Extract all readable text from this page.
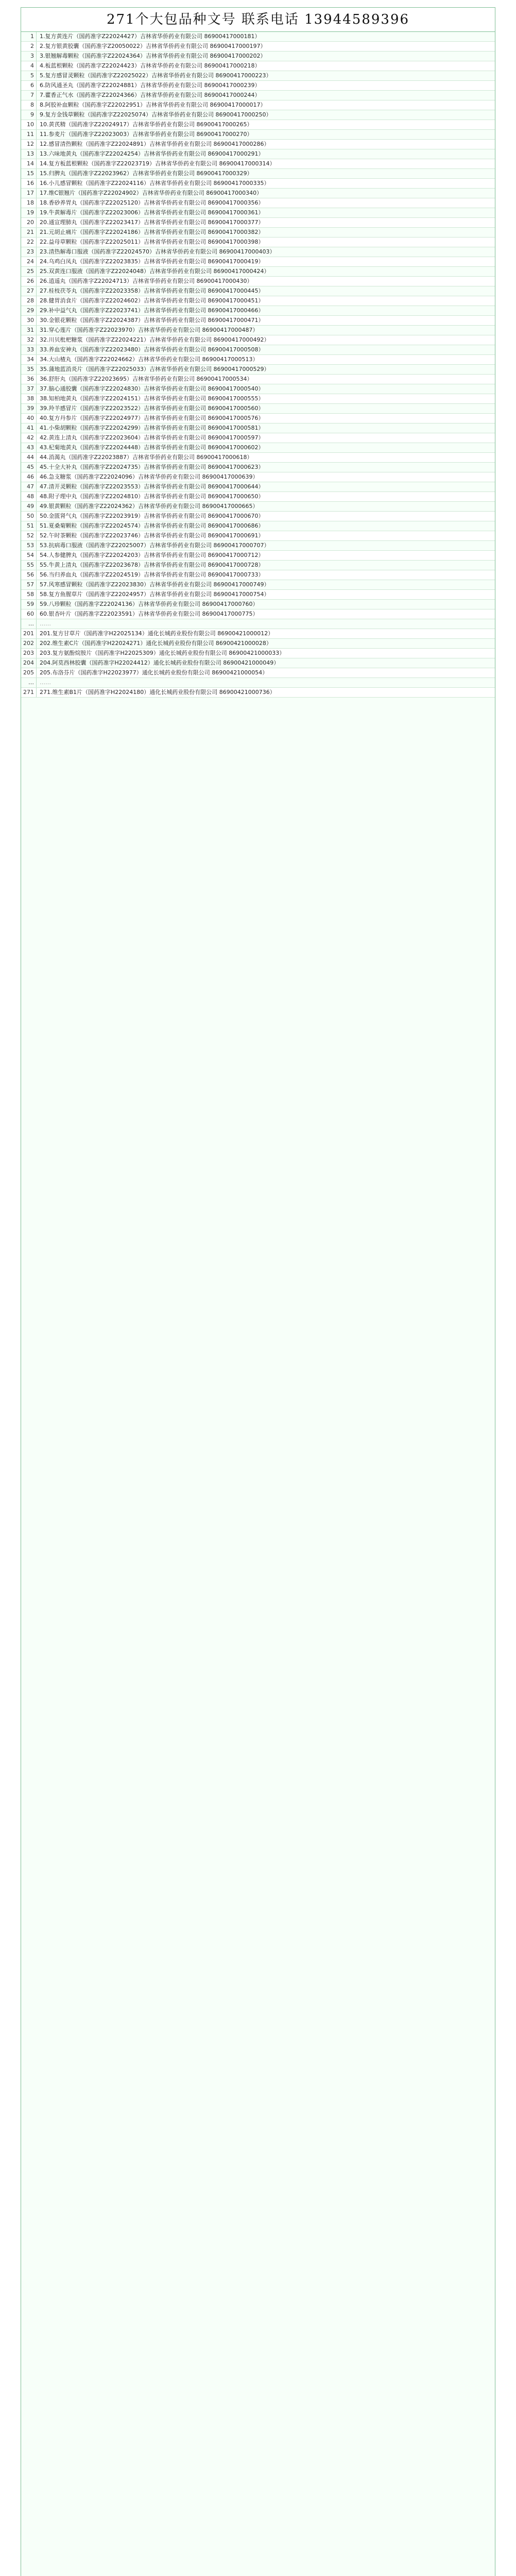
271个大包品种文号 联系电话 13944589396
1	1.复方黄连片（国药准字Z22024427）吉林省华侨药业有限公司 86900417000181）
2	2.复方银黄胶囊（国药准字Z20050022）吉林省华侨药业有限公司 86900417000197）
3	3.银翘解毒颗粒（国药准字Z22024364）吉林省华侨药业有限公司 86900417000202）
4	4.板蓝根颗粒（国药准字Z22024423）吉林省华侨药业有限公司 86900417000218）
5	5.复方感冒灵颗粒（国药准字Z22025022）吉林省华侨药业有限公司 86900417000223）
6	6.防风通圣丸（国药准字Z22024881）吉林省华侨药业有限公司 86900417000239）
7	7.藿香正气水（国药准字Z22024366）吉林省华侨药业有限公司 86900417000244）
8	8.阿胶补血颗粒（国药准字Z22022951）吉林省华侨药业有限公司 86900417000017）
9	9.复方金钱草颗粒（国药准字Z22025074）吉林省华侨药业有限公司 86900417000250）
10	10.黄芪精（国药准字Z22024917）吉林省华侨药业有限公司 86900417000265）
11	11.参麦片（国药准字Z22023003）吉林省华侨药业有限公司 86900417000270）
12	12.感冒清热颗粒（国药准字Z22024891）吉林省华侨药业有限公司 86900417000286）
13	13.六味地黄丸（国药准字Z22024254）吉林省华侨药业有限公司 86900417000291）
14	14.复方板蓝根颗粒（国药准字Z22023719）吉林省华侨药业有限公司 86900417000314）
15	15.归脾丸（国药准字Z22023962）吉林省华侨药业有限公司 86900417000329）
16	16.小儿感冒颗粒（国药准字Z22024116）吉林省华侨药业有限公司 86900417000335）
17	17.维C银翘片（国药准字Z22024902）吉林省华侨药业有限公司 86900417000340）
18	18.香砂养胃丸（国药准字Z22025120）吉林省华侨药业有限公司 86900417000356）
19	19.牛黄解毒片（国药准字Z22023006）吉林省华侨药业有限公司 86900417000361）
20	20.通宣理肺丸（国药准字Z22023417）吉林省华侨药业有限公司 86900417000377）
21	21.元胡止痛片（国药准字Z22024186）吉林省华侨药业有限公司 86900417000382）
22	22.益母草颗粒（国药准字Z22025011）吉林省华侨药业有限公司 86900417000398）
23	23.清热解毒口服液（国药准字Z22024570）吉林省华侨药业有限公司 86900417000403）
24	24.乌鸡白凤丸（国药准字Z22023835）吉林省华侨药业有限公司 86900417000419）
25	25.双黄连口服液（国药准字Z22024048）吉林省华侨药业有限公司 86900417000424）
26	26.逍遥丸（国药准字Z22024713）吉林省华侨药业有限公司 86900417000430）
27	27.桂枝茯苓丸（国药准字Z22023358）吉林省华侨药业有限公司 86900417000445）
28	28.健胃消食片（国药准字Z22024602）吉林省华侨药业有限公司 86900417000451）
29	29.补中益气丸（国药准字Z22023741）吉林省华侨药业有限公司 86900417000466）
30	30.金银花颗粒（国药准字Z22024387）吉林省华侨药业有限公司 86900417000471）
31	31.穿心莲片（国药准字Z22023970）吉林省华侨药业有限公司 86900417000487）
32	32.川贝枇杷糖浆（国药准字Z22024221）吉林省华侨药业有限公司 86900417000492）
33	33.养血安神丸（国药准字Z22023480）吉林省华侨药业有限公司 86900417000508）
34	34.大山楂丸（国药准字Z22024662）吉林省华侨药业有限公司 86900417000513）
35	35.蒲地蓝消炎片（国药准字Z22025033）吉林省华侨药业有限公司 86900417000529）
36	36.舒肝丸（国药准字Z22023695）吉林省华侨药业有限公司 86900417000534）
37	37.脑心通胶囊（国药准字Z22024830）吉林省华侨药业有限公司 86900417000540）
38	38.知柏地黄丸（国药准字Z22024151）吉林省华侨药业有限公司 86900417000555）
39	39.羚羊感冒片（国药准字Z22023522）吉林省华侨药业有限公司 86900417000560）
40	40.复方丹参片（国药准字Z22024977）吉林省华侨药业有限公司 86900417000576）
41	41.小柴胡颗粒（国药准字Z22024299）吉林省华侨药业有限公司 86900417000581）
42	42.黄连上清丸（国药准字Z22023604）吉林省华侨药业有限公司 86900417000597）
43	43.杞菊地黄丸（国药准字Z22024448）吉林省华侨药业有限公司 86900417000602）
44	44.消渴丸（国药准字Z22023887）吉林省华侨药业有限公司 86900417000618）
45	45.十全大补丸（国药准字Z22024735）吉林省华侨药业有限公司 86900417000623）
46	46.急支糖浆（国药准字Z22024096）吉林省华侨药业有限公司 86900417000639）
47	47.清开灵颗粒（国药准字Z22023553）吉林省华侨药业有限公司 86900417000644）
48	48.附子理中丸（国药准字Z22024810）吉林省华侨药业有限公司 86900417000650）
49	49.银黄颗粒（国药准字Z22024362）吉林省华侨药业有限公司 86900417000665）
50	50.金匮肾气丸（国药准字Z22023919）吉林省华侨药业有限公司 86900417000670）
51	51.夏桑菊颗粒（国药准字Z22024574）吉林省华侨药业有限公司 86900417000686）
52	52.午时茶颗粒（国药准字Z22023746）吉林省华侨药业有限公司 86900417000691）
53	53.抗病毒口服液（国药准字Z22025007）吉林省华侨药业有限公司 86900417000707）
54	54.人参健脾丸（国药准字Z22024203）吉林省华侨药业有限公司 86900417000712）
55	55.牛黄上清丸（国药准字Z22023678）吉林省华侨药业有限公司 86900417000728）
56	56.当归养血丸（国药准字Z22024519）吉林省华侨药业有限公司 86900417000733）
57	57.风寒感冒颗粒（国药准字Z22023830）吉林省华侨药业有限公司 86900417000749）
58	58.复方鱼腥草片（国药准字Z22024957）吉林省华侨药业有限公司 86900417000754）
59	59.八珍颗粒（国药准字Z22024136）吉林省华侨药业有限公司 86900417000760）
60	60.银杏叶片（国药准字Z22023591）吉林省华侨药业有限公司 86900417000775）
…	……
201	201.复方甘草片（国药准字H22025134）通化长城药业股份有限公司 86900421000012）
202	202.维生素C片（国药准字H22024271）通化长城药业股份有限公司 86900421000028）
203	203.复方氨酚烷胺片（国药准字H22025309）通化长城药业股份有限公司 86900421000033）
204	204.阿莫西林胶囊（国药准字H22024412）通化长城药业股份有限公司 86900421000049）
205	205.布洛芬片（国药准字H22023977）通化长城药业股份有限公司 86900421000054）
…	……
271	271.维生素B1片（国药准字H22024180）通化长城药业股份有限公司 86900421000736）
